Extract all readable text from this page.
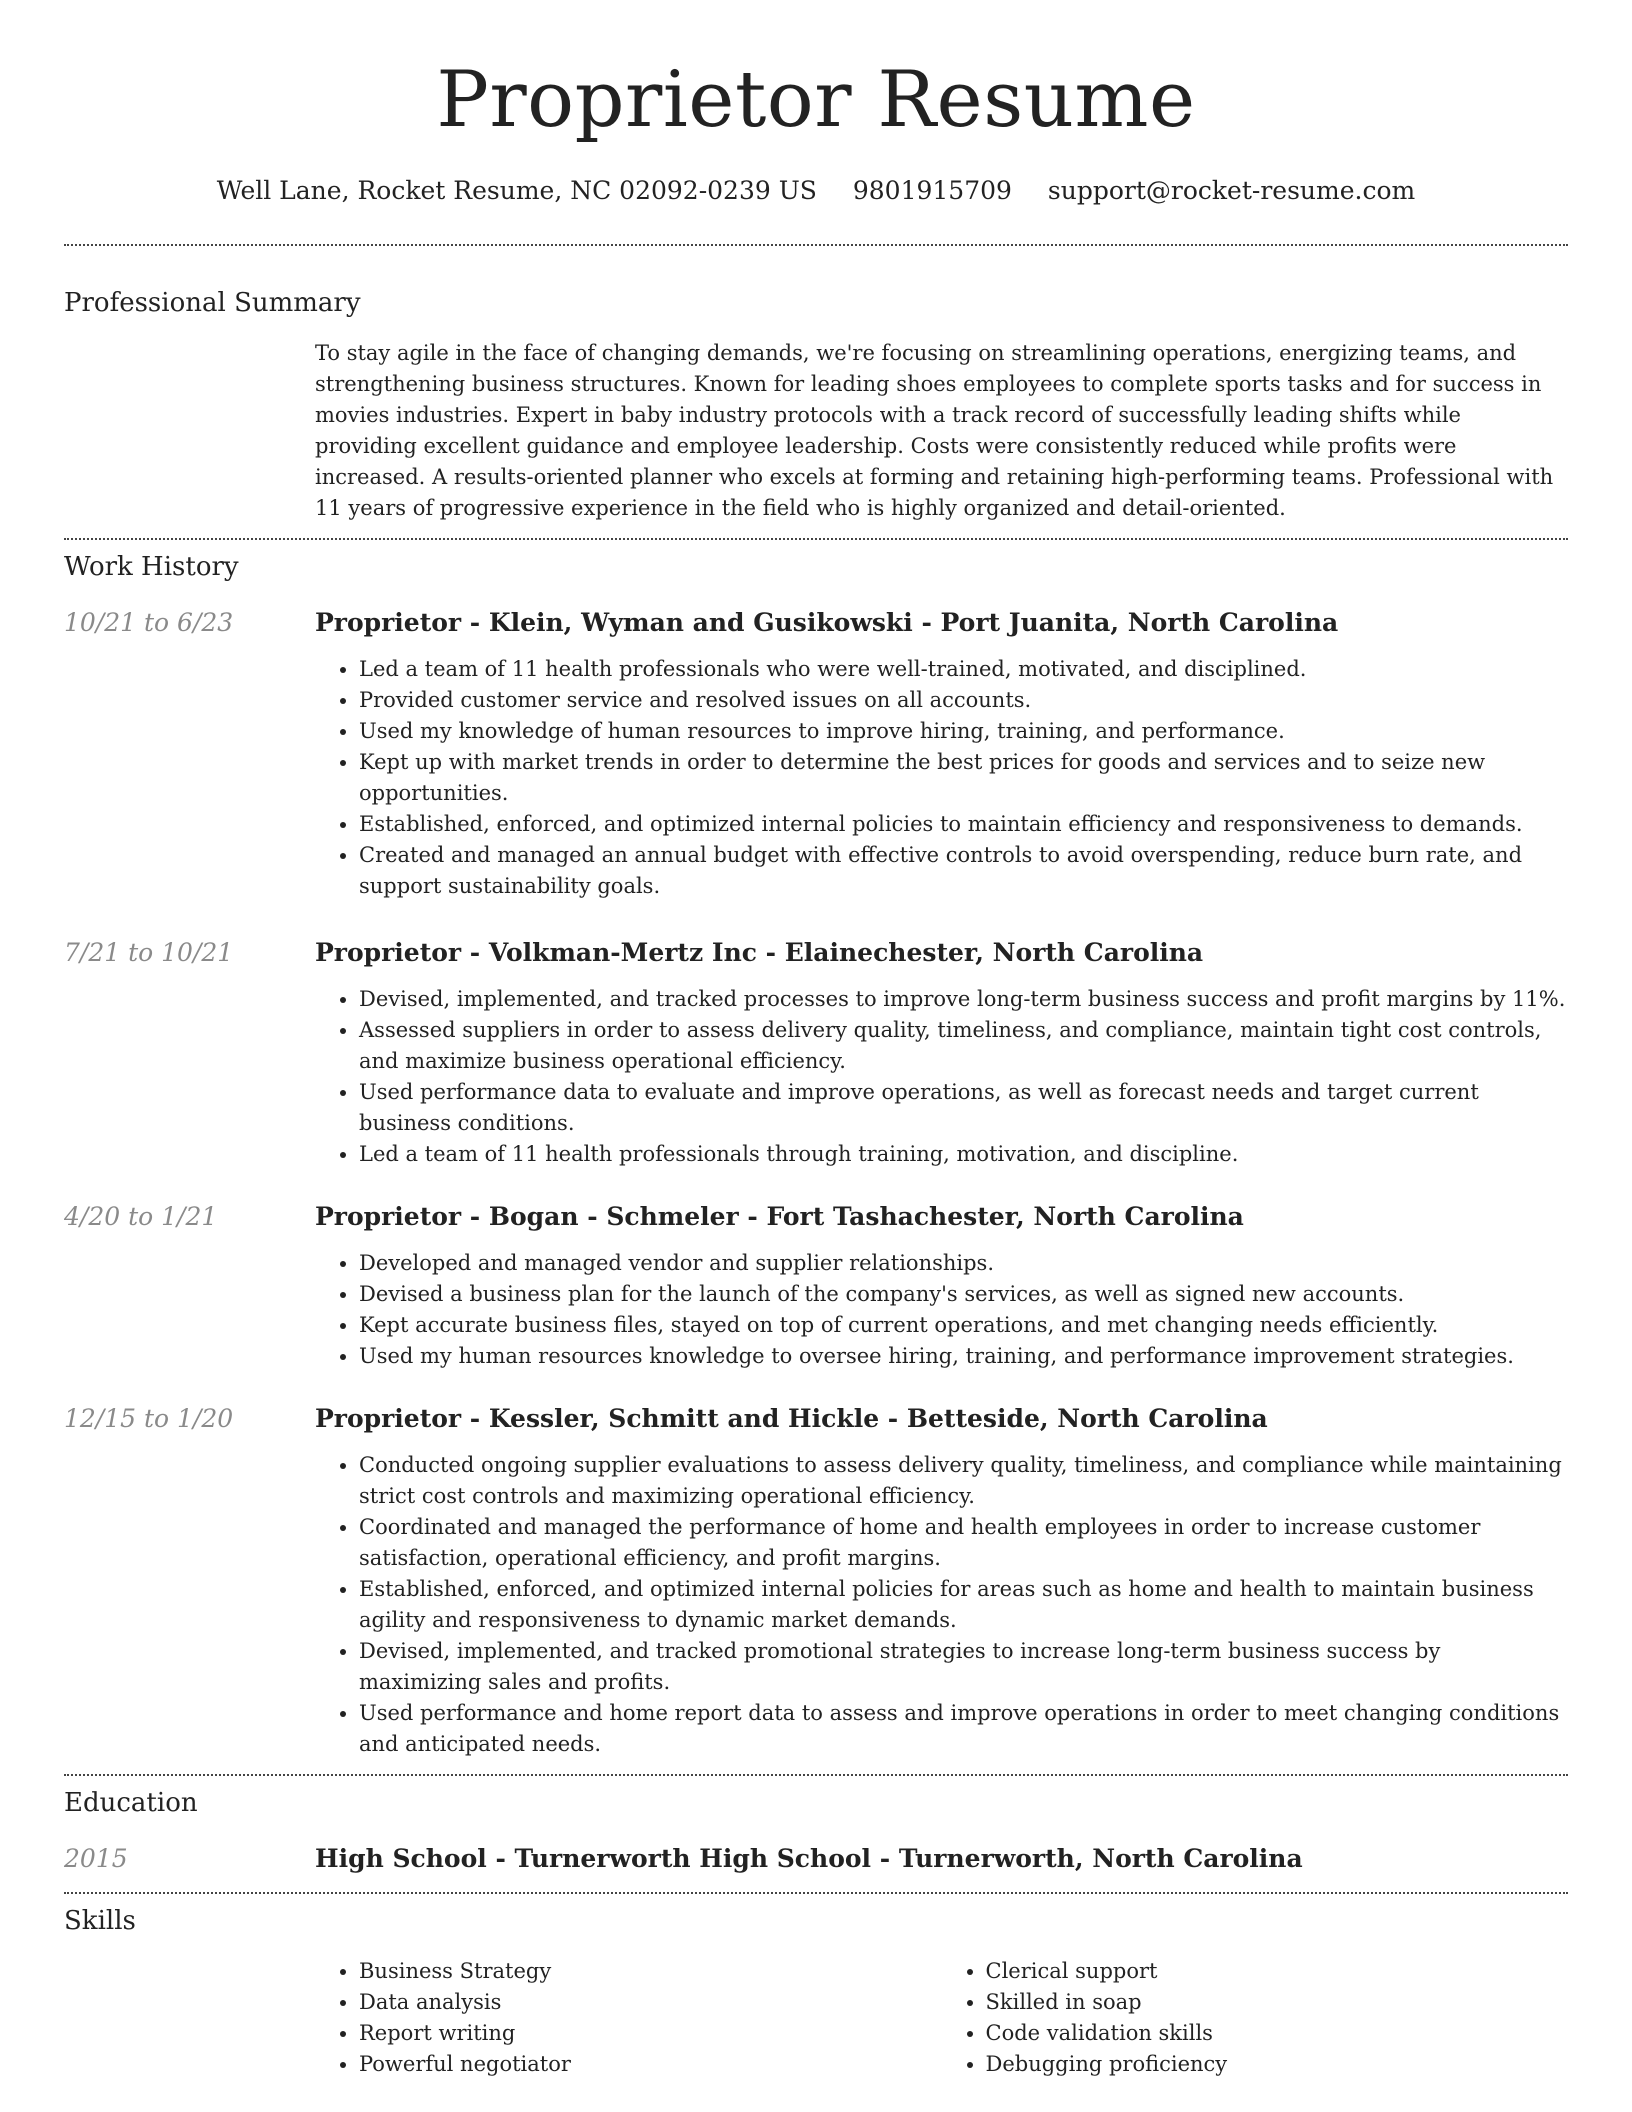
Proprietor Resume
Well Lane, Rocket Resume, NC 02092-0239 US 9801915709 support@rocket-resume.com
Professional Summary

To stay agile in the face of changing demands, we're focusing on streamlining operations, energizing teams, and strengthening business structures. Known for leading shoes employees to complete sports tasks and for success in movies industries. Expert in baby industry protocols with a track record of successfully leading shifts while providing excellent guidance and employee leadership. Costs were consistently reduced while profits were increased. A results-oriented planner who excels at forming and retaining high-performing teams. Professional with 11 years of progressive experience in the field who is highly organized and detail-oriented.

Work History
10/21 to 6/23	Proprietor - Klein, Wyman and Gusikowski - Port Juanita, North Carolina
• Led a team of 11 health professionals who were well-trained, motivated, and disciplined.
• Provided customer service and resolved issues on all accounts.
• Used my knowledge of human resources to improve hiring, training, and performance.
• Kept up with market trends in order to determine the best prices for goods and services and to seize new opportunities.
• Established, enforced, and optimized internal policies to maintain efficiency and responsiveness to demands.
• Created and managed an annual budget with effective controls to avoid overspending, reduce burn rate, and support sustainability goals.
7/21 to 10/21	Proprietor - Volkman-Mertz Inc - Elainechester, North Carolina
• Devised, implemented, and tracked processes to improve long-term business success and profit margins by 11%.
• Assessed suppliers in order to assess delivery quality, timeliness, and compliance, maintain tight cost controls, and maximize business operational efficiency.
• Used performance data to evaluate and improve operations, as well as forecast needs and target current business conditions.
• Led a team of 11 health professionals through training, motivation, and discipline.
4/20 to 1/21	Proprietor - Bogan - Schmeler - Fort Tashachester, North Carolina
• Developed and managed vendor and supplier relationships.
• Devised a business plan for the launch of the company's services, as well as signed new accounts.
• Kept accurate business files, stayed on top of current operations, and met changing needs efficiently.
• Used my human resources knowledge to oversee hiring, training, and performance improvement strategies.
12/15 to 1/20	Proprietor - Kessler, Schmitt and Hickle - Betteside, North Carolina
• Conducted ongoing supplier evaluations to assess delivery quality, timeliness, and compliance while maintaining strict cost controls and maximizing operational efficiency.
• Coordinated and managed the performance of home and health employees in order to increase customer satisfaction, operational efficiency, and profit margins.
• Established, enforced, and optimized internal policies for areas such as home and health to maintain business agility and responsiveness to dynamic market demands.
• Devised, implemented, and tracked promotional strategies to increase long-term business success by maximizing sales and profits.
• Used performance and home report data to assess and improve operations in order to meet changing conditions and anticipated needs.
Education
2015	High School - Turnerworth High School - Turnerworth, North Carolina
Skills
• Business Strategy
• Data analysis
• Report writing
• Powerful negotiator
• Clerical support
• Skilled in soap
• Code validation skills
• Debugging proficiency
